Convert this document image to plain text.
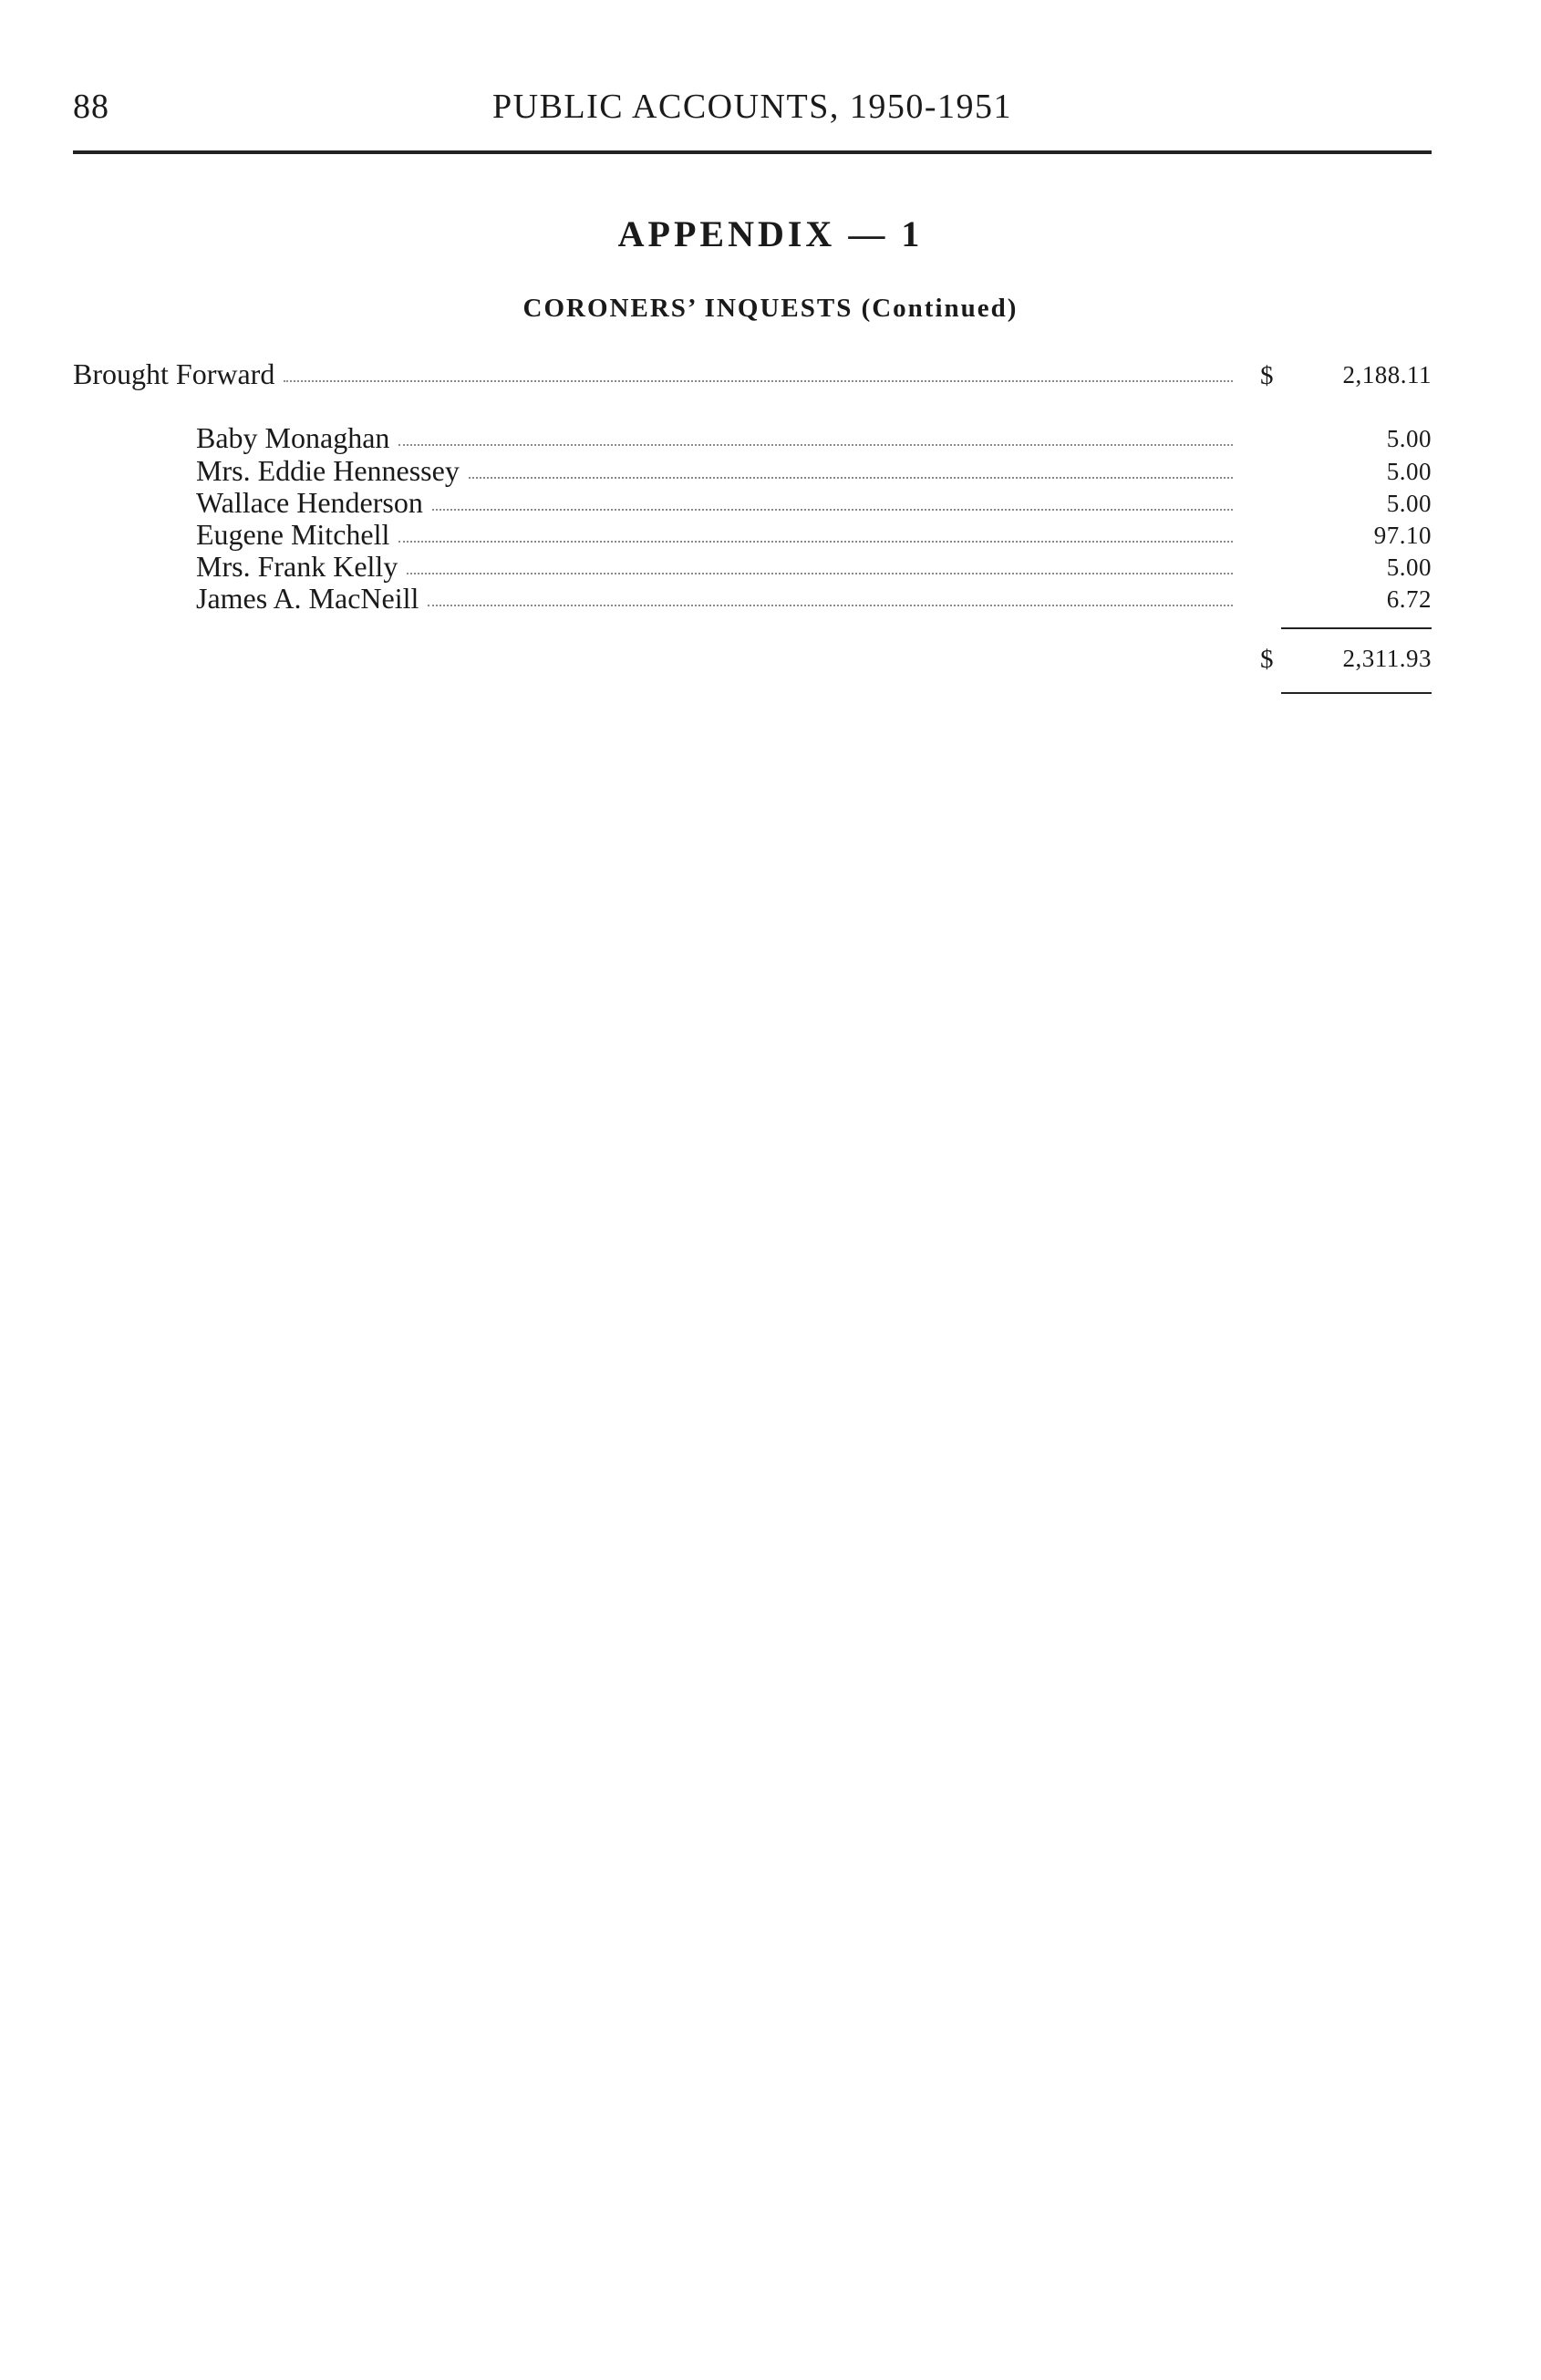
88	PUBLIC ACCOUNTS, 1950-1951
APPENDIX — 1
CORONERS’ INQUESTS (Continued)
Brought Forward	$	2,188.11
Baby Monaghan	5.00
Mrs. Eddie Hennessey	5.00
Wallace Henderson	5.00
Eugene Mitchell	97.10
Mrs. Frank Kelly	5.00
James A. MacNeill	6.72
$	2,311.93
